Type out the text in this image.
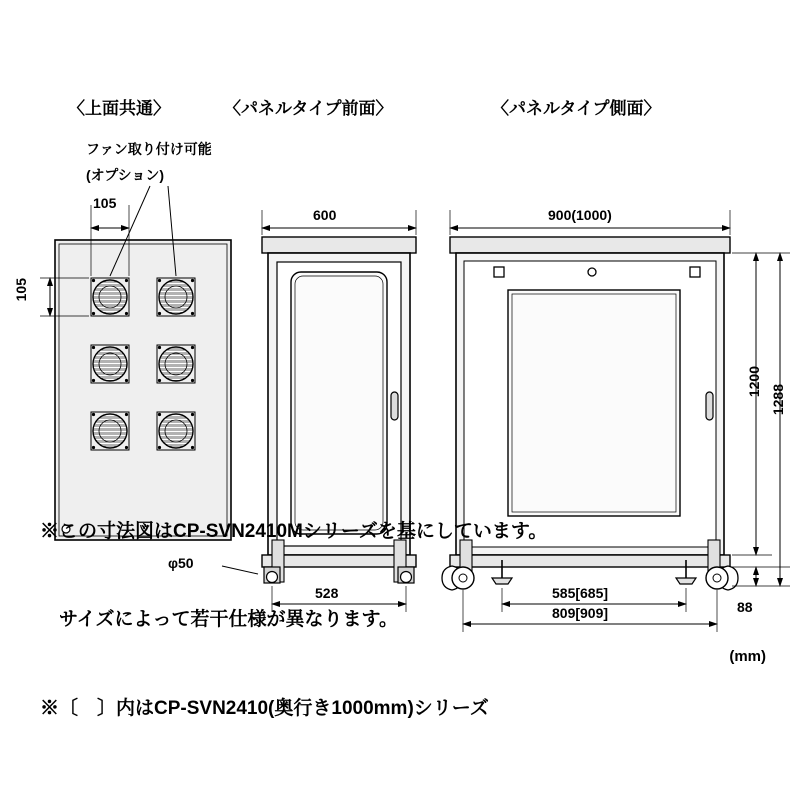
〈上面共通〉	〈パネルタイプ前面〉	〈パネルタイプ側面〉
ファン取り付け可能
(オプション)
105
105
600
528
φ50
900(1000)
1200
1288
88
585[685]
809[909]
(mm)

※この寸法図はCP-SVN2410Mシリーズを基にしています。

　サイズによって若干仕様が異なります。

※〔　〕内はCP-SVN2410(奥行き1000mm)シリーズ
